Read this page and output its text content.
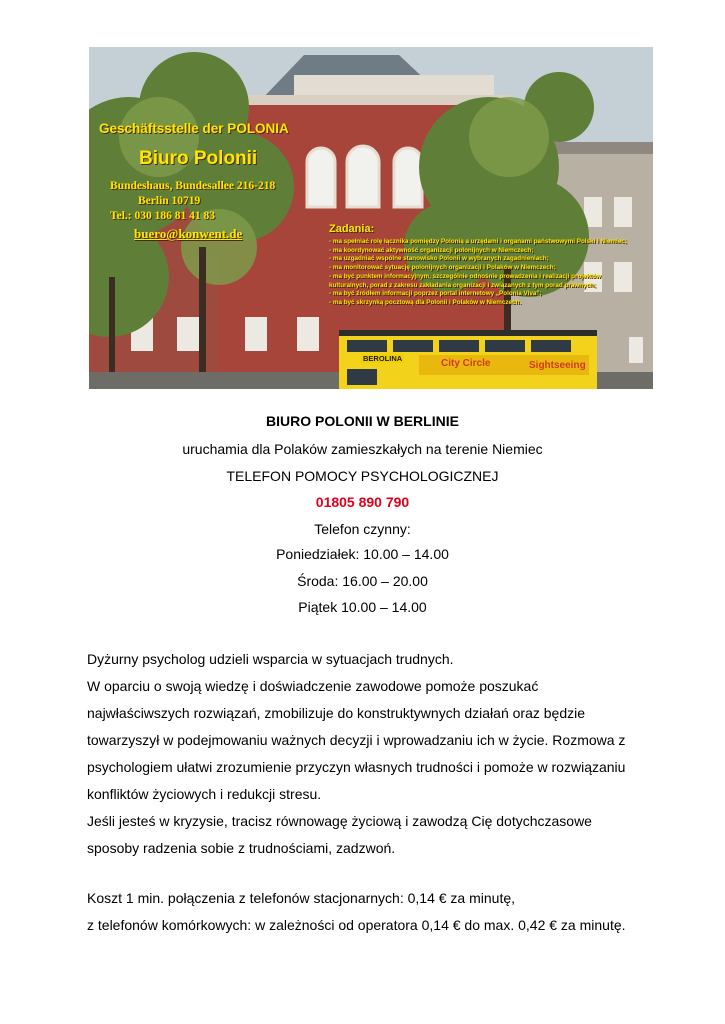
Geschäftsstelle der POLONIA
Biuro Polonii
Bundeshaus, Bundesallee 216-218
Berlin 10719
Tel.: 030 186 81 41 83
buero@konwent.de	Zadania:
- ma spełniać rolę łącznika pomiędzy Polonią a urzędami i organami państwowymi Polski i Niemiec;
- ma koordynować aktywność organizacji polonijnych w Niemczech;
- ma uzgadniać wspólne stanowisko Polonii w wybranych zagadnieniach;
- ma monitorować sytuację polonijnych organizacji i Polaków w Niemczech;
- ma być punktem informacyjnym, szczególnie odnośnie prowadzenia i realizacji projektów
kulturalnych, porad z zakresu zakładania organizacji i związanych z tym porad prawnych;
- ma być źródłem informacji poprzez portal internetowy „Polonia Viva”;
- ma być skrzynką pocztową dla Polonii i Polaków w Niemczech.
BEROLINA	City Circle	Sightseeing
BIURO POLONII W BERLINIE
uruchamia dla Polaków zamieszkałych na terenie Niemiec
TELEFON POMOCY PSYCHOLOGICZNEJ
01805 890 790
Telefon czynny:
Poniedziałek: 10.00 – 14.00
Środa: 16.00 – 20.00
Piątek 10.00 – 14.00
Dyżurny psycholog udzieli wsparcia w sytuacjach trudnych.
W oparciu o swoją wiedzę i doświadczenie zawodowe pomoże poszukać
najwłaściwszych rozwiązań, zmobilizuje do konstruktywnych działań oraz będzie
towarzyszył w podejmowaniu ważnych decyzji i wprowadzaniu ich w życie. Rozmowa z
psychologiem ułatwi zrozumienie przyczyn własnych trudności i pomoże w rozwiązaniu
konfliktów życiowych i redukcji stresu.
Jeśli jesteś w kryzysie, tracisz równowagę życiową i zawodzą Cię dotychczasowe
sposoby radzenia sobie z trudnościami, zadzwoń.
Koszt 1 min. połączenia z telefonów stacjonarnych: 0,14 € za minutę,
z telefonów komórkowych: w zależności od operatora 0,14 € do max. 0,42 € za minutę.
